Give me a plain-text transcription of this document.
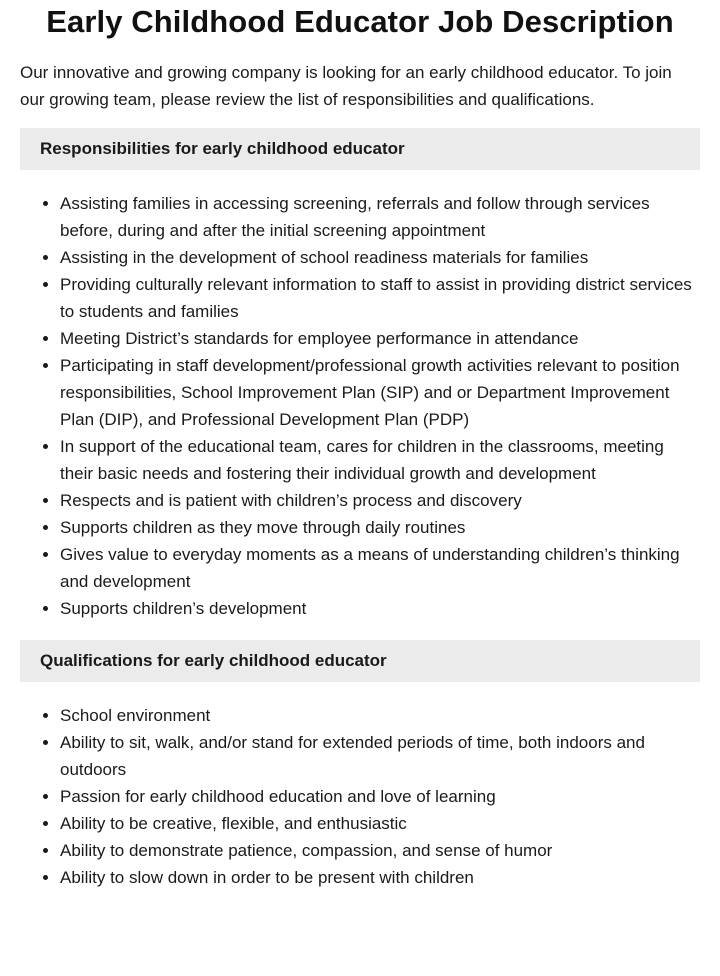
Early Childhood Educator Job Description

Our innovative and growing company is looking for an early childhood educator. To join our growing team, please review the list of responsibilities and qualifications.

Responsibilities for early childhood educator
Assisting families in accessing screening, referrals and follow through services before, during and after the initial screening appointment
Assisting in the development of school readiness materials for families
Providing culturally relevant information to staff to assist in providing district services to students and families
Meeting District’s standards for employee performance in attendance
Participating in staff development/professional growth activities relevant to position responsibilities, School Improvement Plan (SIP) and or Department Improvement Plan (DIP), and Professional Development Plan (PDP)
In support of the educational team, cares for children in the classrooms, meeting their basic needs and fostering their individual growth and development
Respects and is patient with children’s process and discovery
Supports children as they move through daily routines
Gives value to everyday moments as a means of understanding children’s thinking and development
Supports children’s development
Qualifications for early childhood educator
School environment
Ability to sit, walk, and/or stand for extended periods of time, both indoors and outdoors
Passion for early childhood education and love of learning
Ability to be creative, flexible, and enthusiastic
Ability to demonstrate patience, compassion, and sense of humor
Ability to slow down in order to be present with children
